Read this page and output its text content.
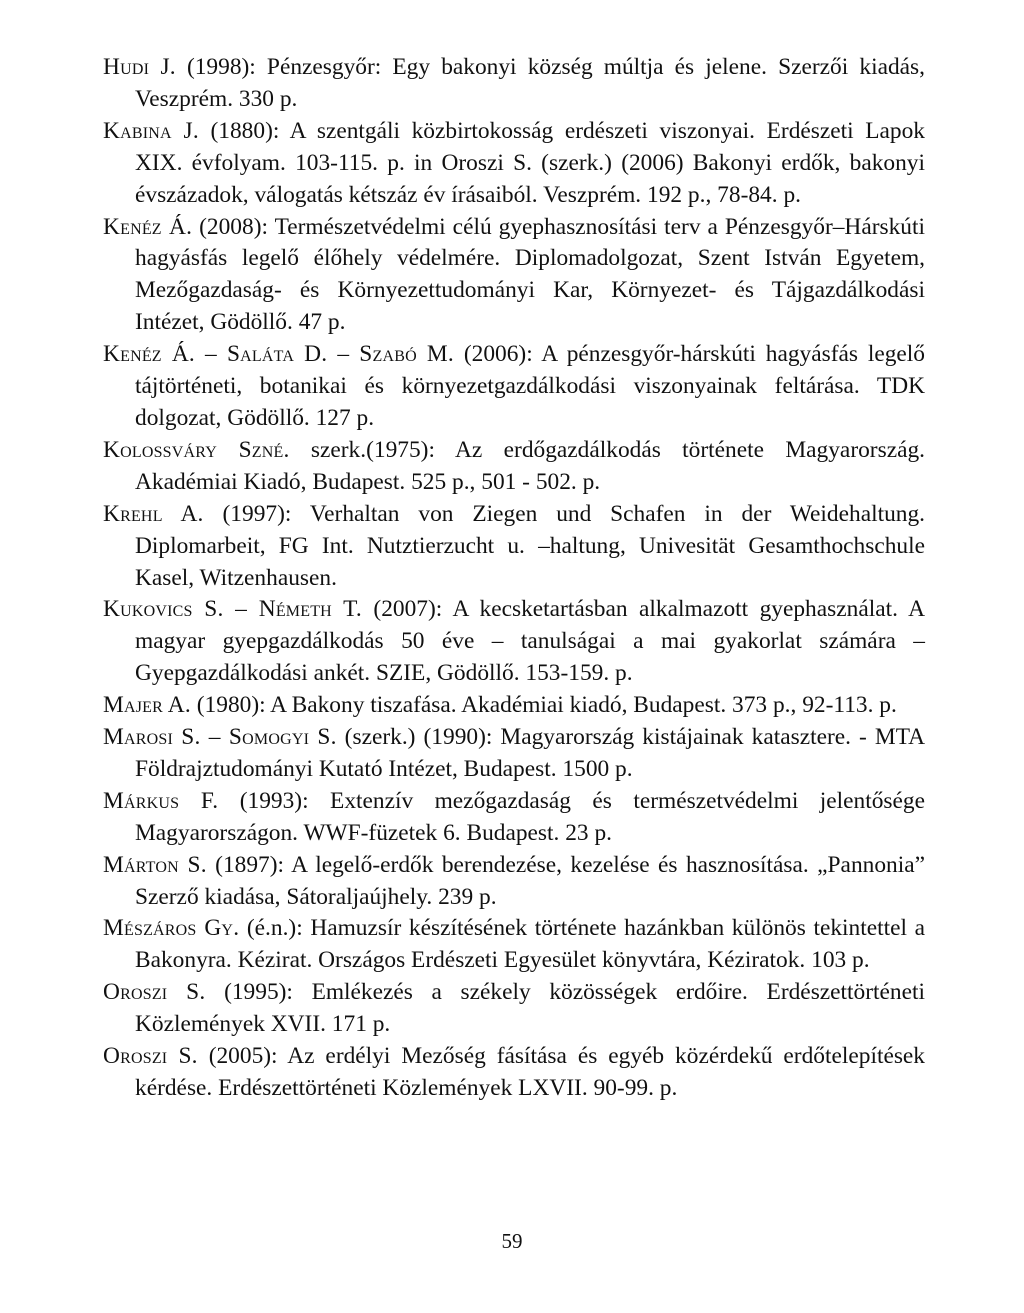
Hudi J. (1998): Pénzesgyőr: Egy bakonyi község múltja és jelene. Szerzői kiadás, Veszprém. 330 p.
Kabina J. (1880): A szentgáli közbirtokosság erdészeti viszonyai. Erdészeti Lapok XIX. évfolyam. 103-115. p. in Oroszi S. (szerk.) (2006) Bakonyi erdők, bakonyi évszázadok, válogatás kétszáz év írásaiból. Veszprém. 192 p., 78-84. p.
Kenéz Á. (2008): Természetvédelmi célú gyephasznosítási terv a Pénzesgyőr–Hárskúti hagyásfás legelő élőhely védelmére. Diplomadolgozat, Szent István Egyetem, Mezőgazdaság- és Környezettudományi Kar, Környezet- és Tájgazdálkodási Intézet, Gödöllő. 47 p.
Kenéz Á. – Saláta D. – Szabó M. (2006): A pénzesgyőr-hárskúti hagyásfás legelő tájtörténeti, botanikai és környezetgazdálkodási viszonyainak feltárása. TDK dolgozat, Gödöllő. 127 p.
Kolossváry Szné. szerk.(1975): Az erdőgazdálkodás története Magyarország. Akadémiai Kiadó, Budapest. 525 p., 501 - 502. p.
Krehl A. (1997): Verhaltan von Ziegen und Schafen in der Weidehaltung. Diplomarbeit, FG Int. Nutztierzucht u. –haltung, Univesität Gesamthochschule Kasel, Witzenhausen.
Kukovics S. – Németh T. (2007): A kecsketartásban alkalmazott gyephasználat. A magyar gyepgazdálkodás 50 éve – tanulságai a mai gyakorlat számára – Gyepgazdálkodási ankét. SZIE, Gödöllő. 153-159. p.
Majer A. (1980): A Bakony tiszafása. Akadémiai kiadó, Budapest. 373 p., 92-113. p.
Marosi S. – Somogyi S. (szerk.) (1990): Magyarország kistájainak katasztere. - MTA Földrajztudományi Kutató Intézet, Budapest. 1500 p.
Márkus F. (1993): Extenzív mezőgazdaság és természetvédelmi jelentősége Magyarországon. WWF-füzetek 6. Budapest. 23 p.
Márton S. (1897): A legelő-erdők berendezése, kezelése és hasznosítása. „Pannonia” Szerző kiadása, Sátoraljaújhely. 239 p.
Mészáros Gy. (é.n.): Hamuzsír készítésének története hazánkban különös tekintettel a Bakonyra. Kézirat. Országos Erdészeti Egyesület könyvtára, Kéziratok. 103 p.
Oroszi S. (1995): Emlékezés a székely közösségek erdőire. Erdészettörténeti Közlemények XVII. 171 p.
Oroszi S. (2005): Az erdélyi Mezőség fásítása és egyéb közérdekű erdőtelepítések kérdése. Erdészettörténeti Közlemények LXVII. 90-99. p.
59
